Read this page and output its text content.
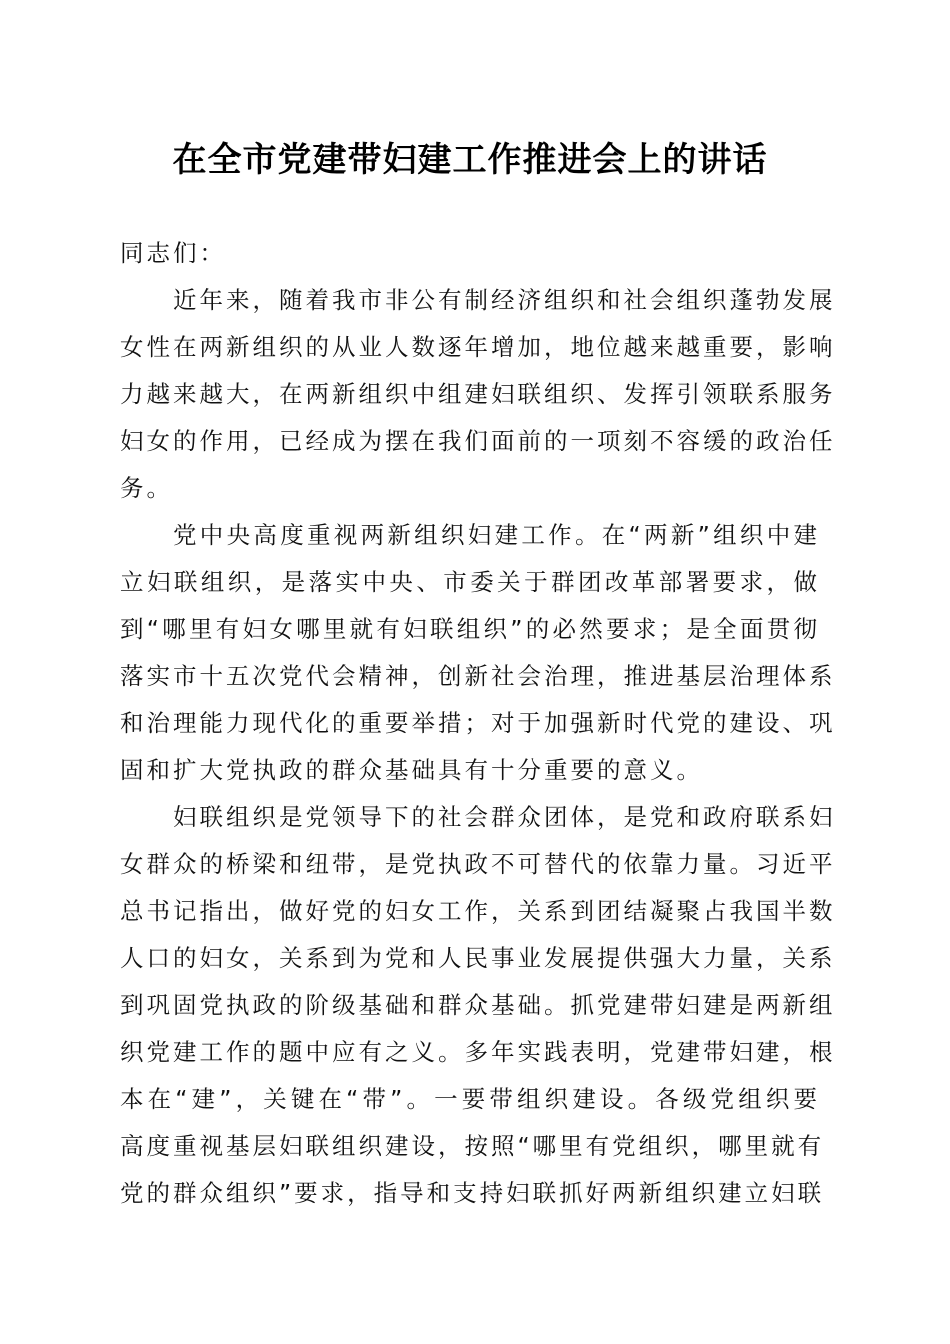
在全市党建带妇建工作推进会上的讲话
同志们：
近年来，随着我市非公有制经济组织和社会组织蓬勃发展
女性在两新组织的从业人数逐年增加，地位越来越重要，影响
力越来越大，在两新组织中组建妇联组织、发挥引领联系服务
妇女的作用，已经成为摆在我们面前的一项刻不容缓的政治任
务。
党中央高度重视两新组织妇建工作。在“两新”组织中建
立妇联组织，是落实中央、市委关于群团改革部署要求，做
到“哪里有妇女哪里就有妇联组织”的必然要求；是全面贯彻
落实市十五次党代会精神，创新社会治理，推进基层治理体系
和治理能力现代化的重要举措；对于加强新时代党的建设、巩
固和扩大党执政的群众基础具有十分重要的意义。
妇联组织是党领导下的社会群众团体，是党和政府联系妇
女群众的桥梁和纽带，是党执政不可替代的依靠力量。习近平
总书记指出，做好党的妇女工作，关系到团结凝聚占我国半数
人口的妇女，关系到为党和人民事业发展提供强大力量，关系
到巩固党执政的阶级基础和群众基础。抓党建带妇建是两新组
织党建工作的题中应有之义。多年实践表明，党建带妇建，根
本在“建”，关键在“带”。一要带组织建设。各级党组织要
高度重视基层妇联组织建设，按照“哪里有党组织，哪里就有
党的群众组织”要求，指导和支持妇联抓好两新组织建立妇联
